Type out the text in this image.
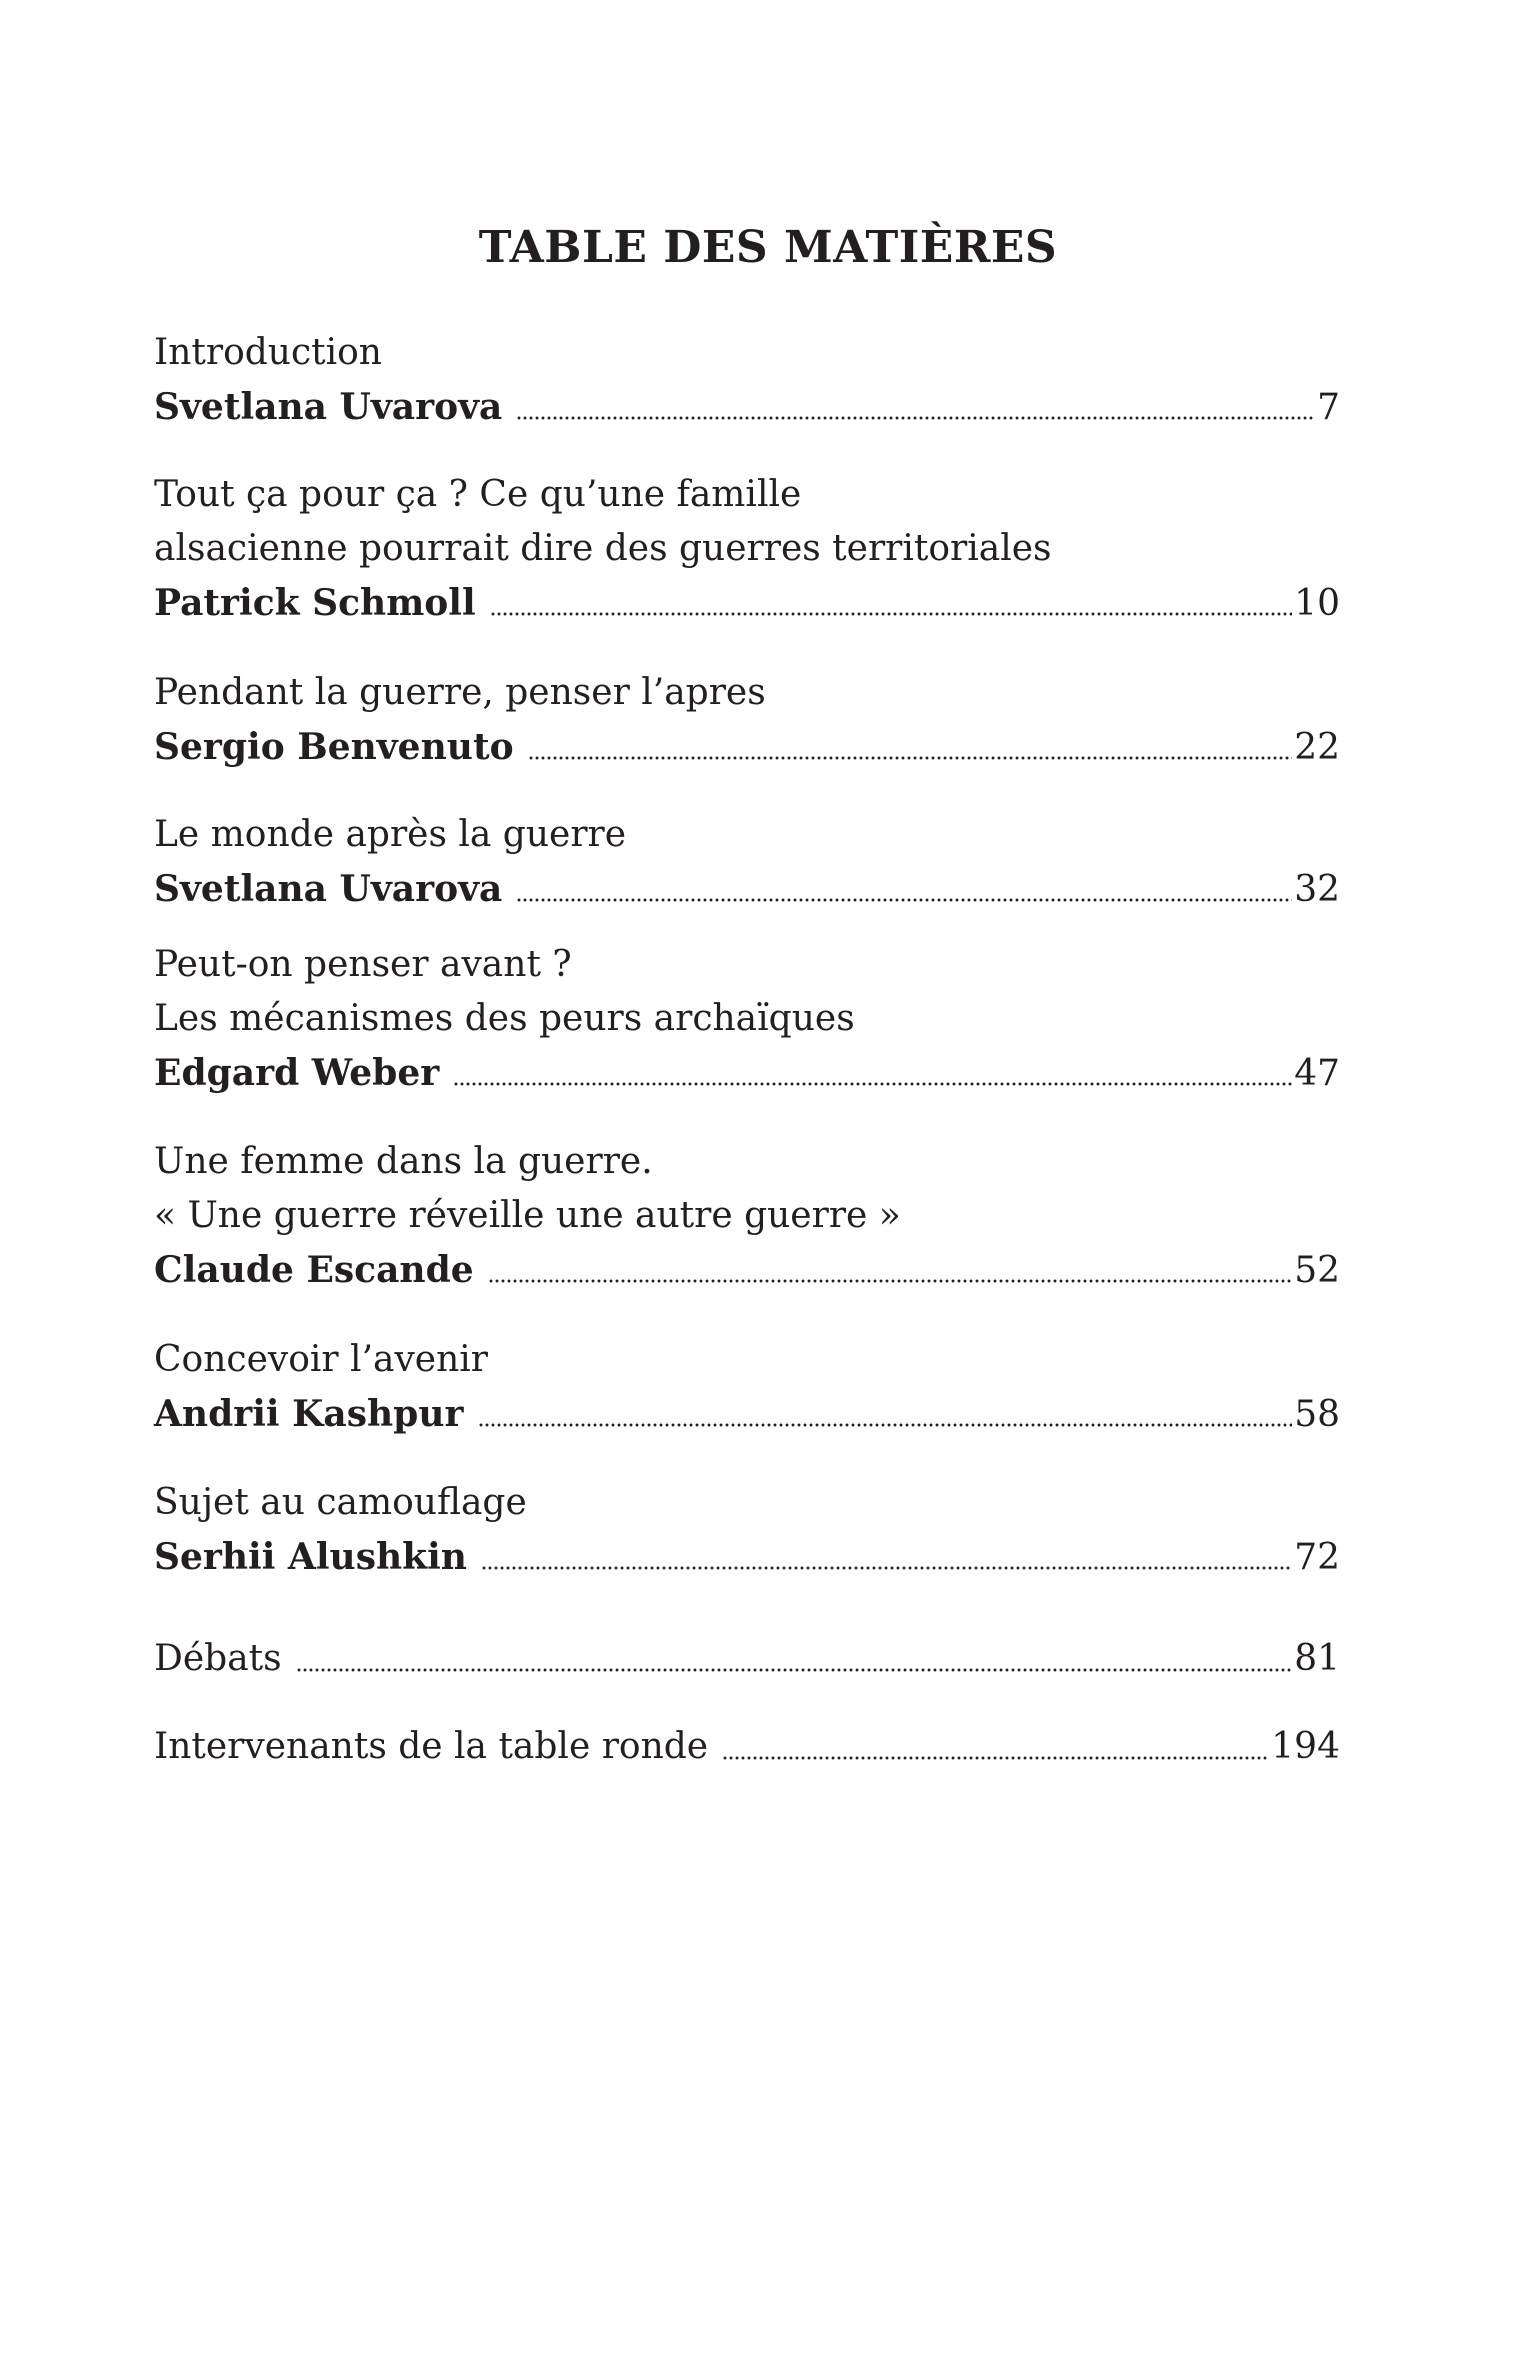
TABLE DES MATIÈRES
Introduction
Svetlana Uvarova	7
Tout ça pour ça ? Ce qu’une famille
alsacienne pourrait dire des guerres territoriales
Patrick Schmoll	10
Pendant la guerre, penser l’apres
Sergio Benvenuto	22
Le monde après la guerre
Svetlana Uvarova	32
Peut-on penser avant ?
Les mécanismes des peurs archaïques
Edgard Weber	47
Une femme dans la guerre.
« Une guerre réveille une autre guerre »
Claude Escande	52
Concevoir l’avenir
Andrii Kashpur	58
Sujet au camouflage
Serhii Alushkin	72
Débats	81
Intervenants de la table ronde	194
